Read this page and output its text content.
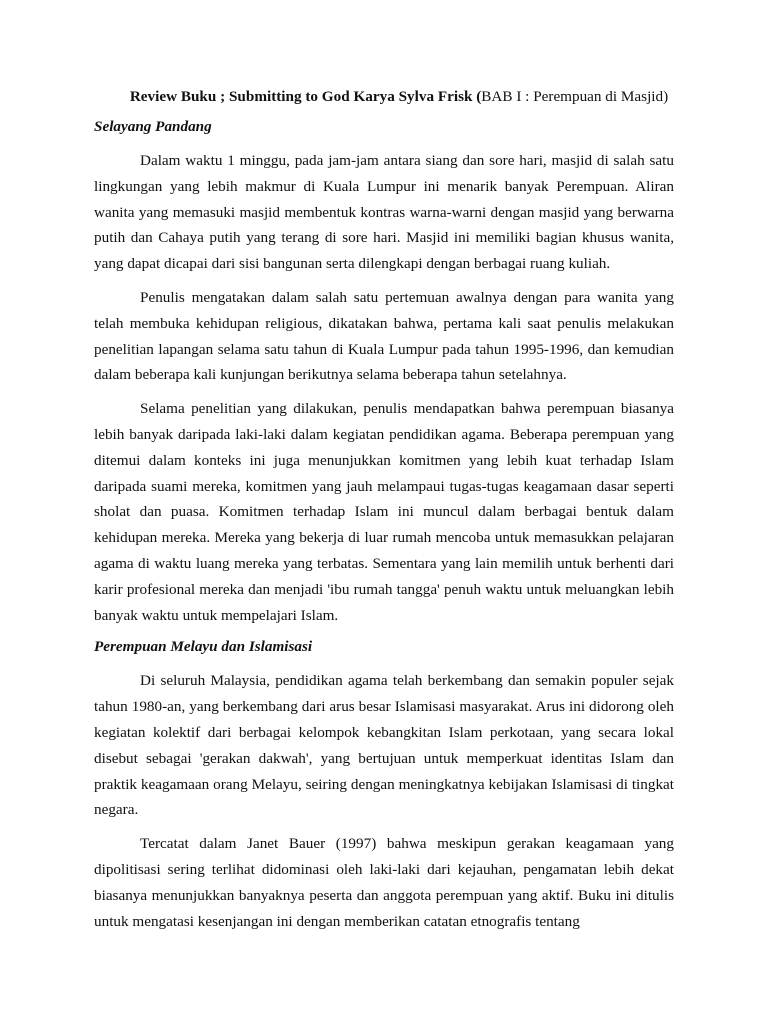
Review Buku ; Submitting to God Karya Sylva Frisk (BAB I : Perempuan di Masjid)
Selayang Pandang

Dalam waktu 1 minggu, pada jam-jam antara siang dan sore hari, masjid di salah satu lingkungan yang lebih makmur di Kuala Lumpur ini menarik banyak Perempuan. Aliran wanita yang memasuki masjid membentuk kontras warna-warni dengan masjid yang berwarna putih dan Cahaya putih yang terang di sore hari. Masjid ini memiliki bagian khusus wanita, yang dapat dicapai dari sisi bangunan serta dilengkapi dengan berbagai ruang kuliah.

Penulis mengatakan dalam salah satu pertemuan awalnya dengan para wanita yang telah membuka kehidupan religious, dikatakan bahwa, pertama kali saat penulis melakukan penelitian lapangan selama satu tahun di Kuala Lumpur pada tahun 1995-1996, dan kemudian dalam beberapa kali kunjungan berikutnya selama beberapa tahun setelahnya.

Selama penelitian yang dilakukan, penulis mendapatkan bahwa perempuan biasanya lebih banyak daripada laki-laki dalam kegiatan pendidikan agama. Beberapa perempuan yang ditemui dalam konteks ini juga menunjukkan komitmen yang lebih kuat terhadap Islam daripada suami mereka, komitmen yang jauh melampaui tugas-tugas keagamaan dasar seperti sholat dan puasa. Komitmen terhadap Islam ini muncul dalam berbagai bentuk dalam kehidupan mereka. Mereka yang bekerja di luar rumah mencoba untuk memasukkan pelajaran agama di waktu luang mereka yang terbatas. Sementara yang lain memilih untuk berhenti dari karir profesional mereka dan menjadi 'ibu rumah tangga' penuh waktu untuk meluangkan lebih banyak waktu untuk mempelajari Islam.

Perempuan Melayu dan Islamisasi

Di seluruh Malaysia, pendidikan agama telah berkembang dan semakin populer sejak tahun 1980-an, yang berkembang dari arus besar Islamisasi masyarakat. Arus ini didorong oleh kegiatan kolektif dari berbagai kelompok kebangkitan Islam perkotaan, yang secara lokal disebut sebagai 'gerakan dakwah', yang bertujuan untuk memperkuat identitas Islam dan praktik keagamaan orang Melayu, seiring dengan meningkatnya kebijakan Islamisasi di tingkat negara.

Tercatat dalam Janet Bauer (1997) bahwa meskipun gerakan keagamaan yang dipolitisasi sering terlihat didominasi oleh laki-laki dari kejauhan, pengamatan lebih dekat biasanya menunjukkan banyaknya peserta dan anggota perempuan yang aktif. Buku ini ditulis untuk mengatasi kesenjangan ini dengan memberikan catatan etnografis tentang
